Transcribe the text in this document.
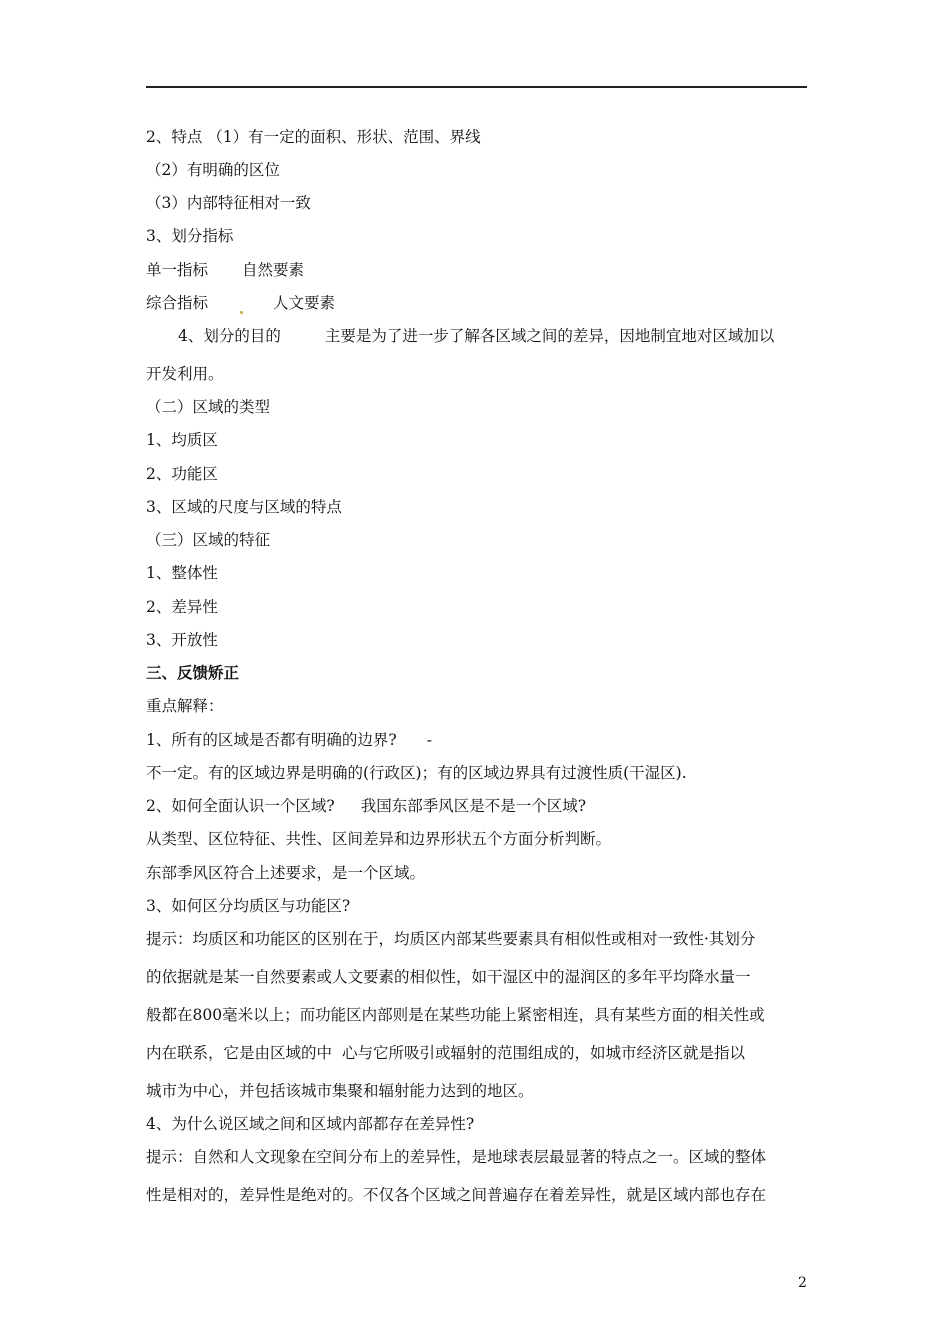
2、特点 （1）有一定的面积、形状、范围、界线
（2）有明确的区位
（3）内部特征相对一致
3、划分指标
单一指标 自然要素
综合指标	人文要素
4、划分的目的	主要是为了进一步了解各区域之间的差异，因地制宜地对区域加以
开发利用。
（二）区域的类型
1、均质区
2、功能区
3、区域的尺度与区域的特点
（三）区域的特征
1、整体性
2、差异性
3、开放性
三、反馈矫正
重点解释：
1、所有的区域是否都有明确的边界? -
不一定。有的区域边界是明确的(行政区)；有的区域边界具有过渡性质(干湿区).
2、如何全面认识一个区域? 我国东部季风区是不是一个区域?
从类型、区位特征、共性、区间差异和边界形状五个方面分析判断。
东部季风区符合上述要求，是一个区域。
3、如何区分均质区与功能区?
提示：均质区和功能区的区别在于，均质区内部某些要素具有相似性或相对一致性·其划分
的依据就是某一自然要素或人文要素的相似性，如干湿区中的湿润区的多年平均降水量一
般都在800毫米以上；而功能区内部则是在某些功能上紧密相连，具有某些方面的相关性或
内在联系，它是由区域的中 心与它所吸引或辐射的范围组成的，如城市经济区就是指以
城市为中心，并包括该城市集聚和辐射能力达到的地区。
4、为什么说区域之间和区域内部都存在差异性?
提示：自然和人文现象在空间分布上的差异性，是地球表层最显著的特点之一。区域的整体
性是相对的，差异性是绝对的。不仅各个区域之间普遍存在着差异性，就是区域内部也存在
2
